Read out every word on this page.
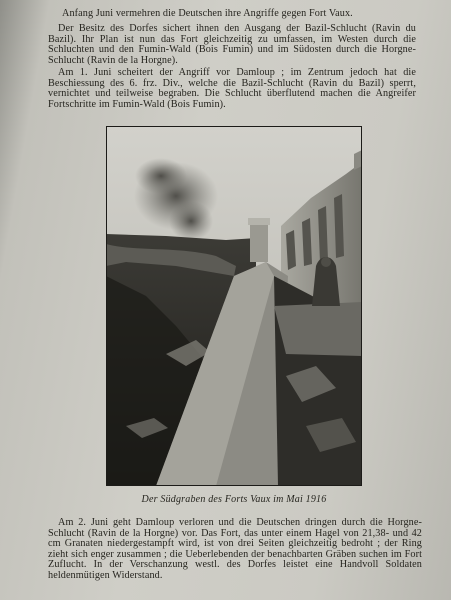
Anfang Juni vermehren die Deutschen ihre Angriffe gegen Fort Vaux.

Der Besitz des Dorfes sichert ihnen den Ausgang der Bazil-Schlucht (Ravin du Bazil). Ihr Plan ist nun das Fort gleichzeitig zu umfassen, im Westen durch die Schluchten und den Fumin-Wald (Bois Fumin) und im Südosten durch die Horgne-Schlucht (Ravin de la Horgne).

Am 1. Juni scheitert der Angriff vor Damloup ; im Zentrum jedoch hat die Beschiessung des 6. frz. Div., welche die Bazil-Schlucht (Ravin du Bazil) sperrt, vernichtet und teilweise begraben. Die Schlucht überflutend machen die Angreifer Fortschritte im Fumin-Wald (Bois Fumin).

Der Südgraben des Forts Vaux im Mai 1916

Am 2. Juni geht Damloup verloren und die Deutschen dringen durch die Horgne-Schlucht (Ravin de la Horgne) vor. Das Fort, das unter einem Hagel von 21,38- und 42 cm Granaten niedergestampft wird, ist von drei Seiten gleichzeitig bedroht ; der Ring zieht sich enger zusammen ; die Ueberlebenden der benachbarten Gräben suchen im Fort Zuflucht. In der Verschanzung westl. des Dorfes leistet eine Handvoll Soldaten heldenmütigen Widerstand.
